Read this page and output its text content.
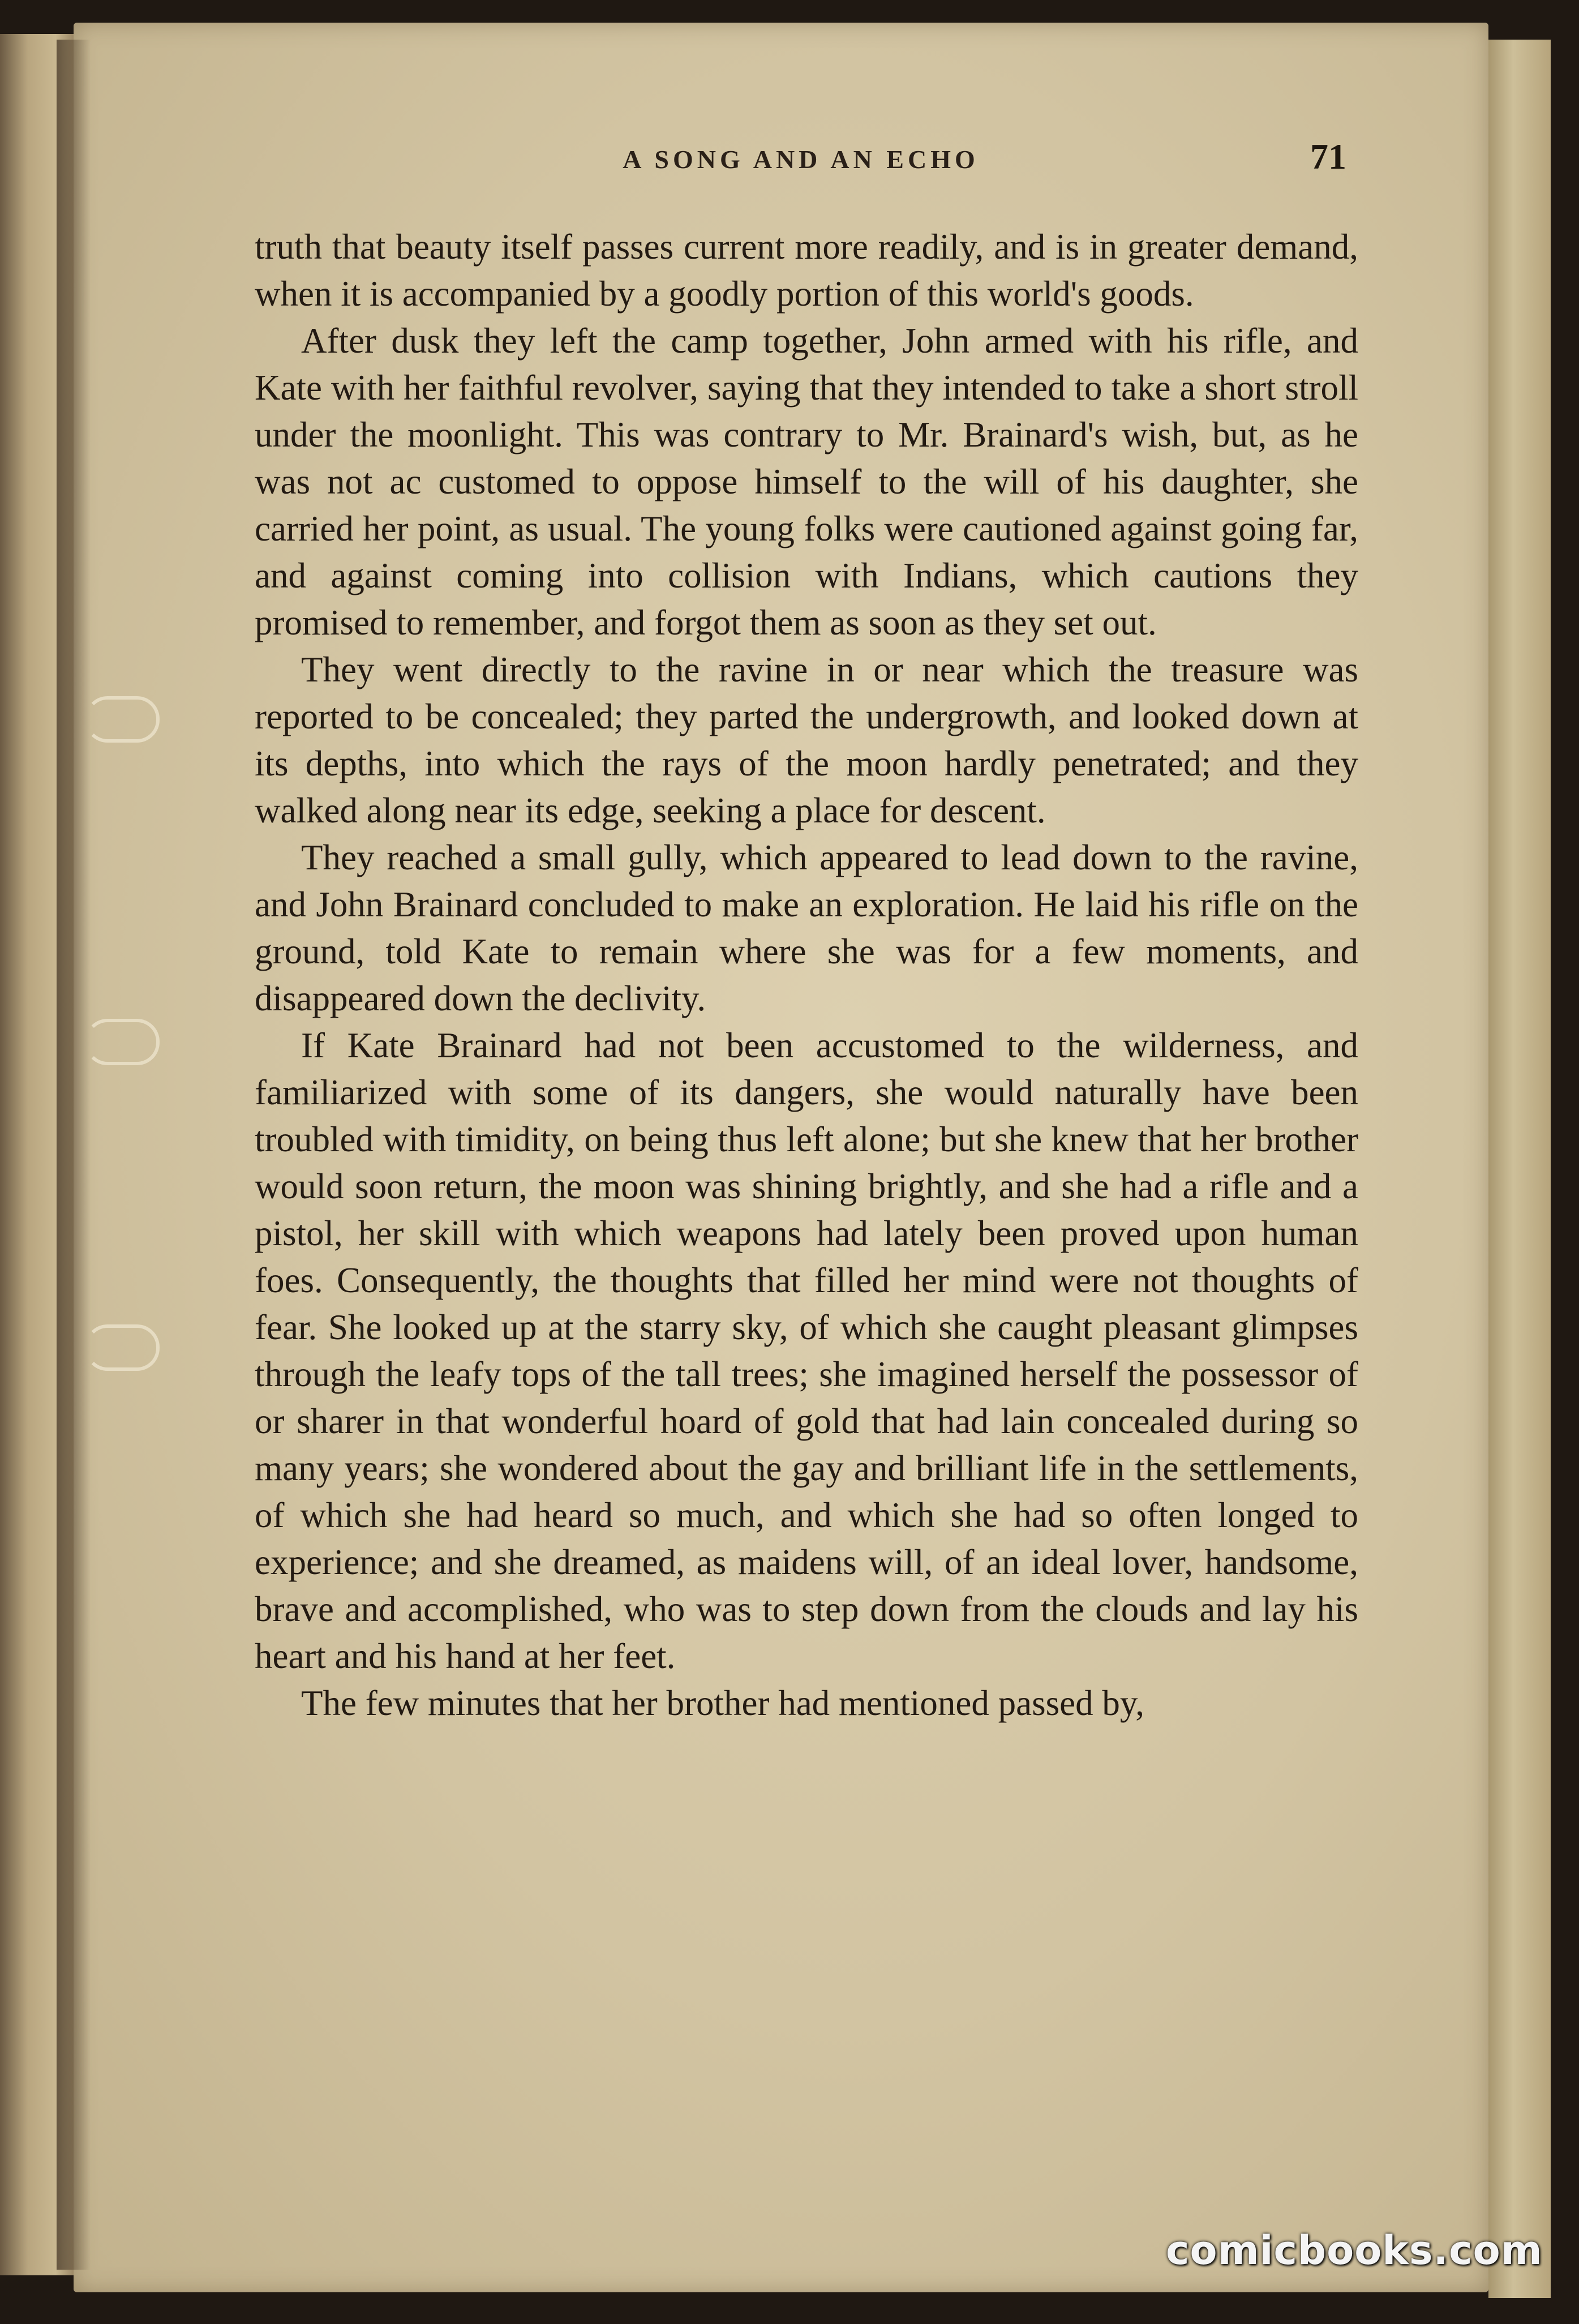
A SONG AND AN ECHO	71

truth that beauty itself passes current more readily, and is in greater demand, when it is accompanied by a goodly portion of this world's goods.

After dusk they left the camp together, John armed with his rifle, and Kate with her faithful revolver, saying that they intended to take a short stroll under the moonlight. This was contrary to Mr. Brainard's wish, but, as he was not ac customed to oppose himself to the will of his daughter, she carried her point, as usual. The young folks were cautioned against going far, and against coming into collision with Indians, which cautions they promised to remember, and forgot them as soon as they set out.

They went directly to the ravine in or near which the treasure was reported to be concealed; they parted the undergrowth, and looked down at its depths, into which the rays of the moon hardly penetrated; and they walked along near its edge, seeking a place for descent.

They reached a small gully, which appeared to lead down to the ravine, and John Brainard concluded to make an exploration. He laid his rifle on the ground, told Kate to remain where she was for a few moments, and disappeared down the declivity.

If Kate Brainard had not been accustomed to the wilderness, and familiarized with some of its dangers, she would naturally have been troubled with timidity, on being thus left alone; but she knew that her brother would soon return, the moon was shining brightly, and she had a rifle and a pistol, her skill with which weapons had lately been proved upon human foes. Consequently, the thoughts that filled her mind were not thoughts of fear. She looked up at the starry sky, of which she caught pleasant glimpses through the leafy tops of the tall trees; she imagined herself the possessor of or sharer in that wonderful hoard of gold that had lain concealed during so many years; she wondered about the gay and brilliant life in the settlements, of which she had heard so much, and which she had so often longed to experience; and she dreamed, as maidens will, of an ideal lover, handsome, brave and accomplished, who was to step down from the clouds and lay his heart and his hand at her feet.

The few minutes that her brother had mentioned passed by,

comicbooks.com
